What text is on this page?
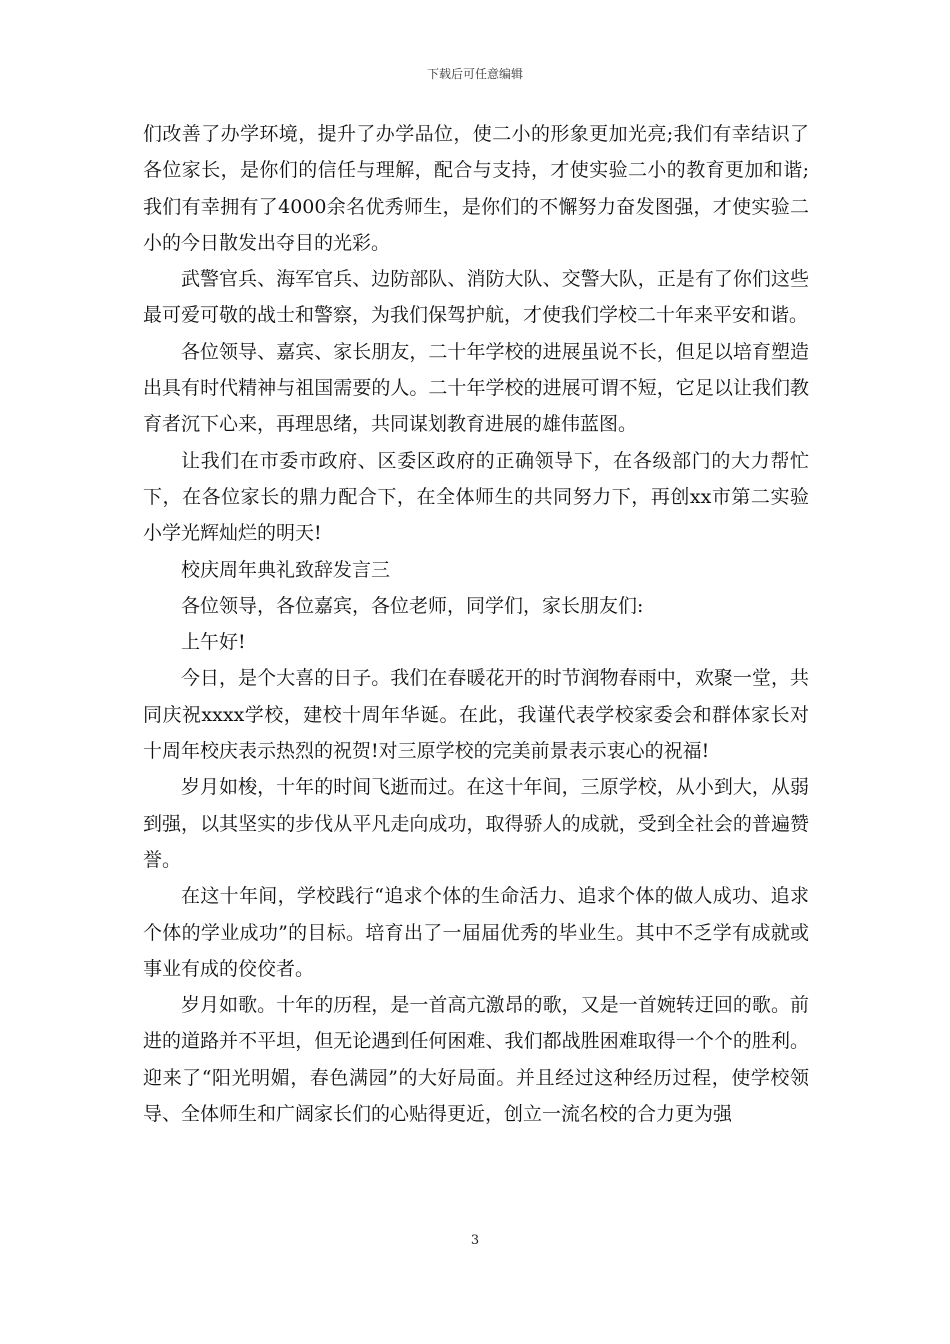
下载后可任意编辑

们改善了办学环境，提升了办学品位，使二小的形象更加光亮;我们有幸结识了各位家长，是你们的信任与理解，配合与支持，才使实验二小的教育更加和谐;我们有幸拥有了4000余名优秀师生，是你们的不懈努力奋发图强，才使实验二小的今日散发出夺目的光彩。

武警官兵、海军官兵、边防部队、消防大队、交警大队，正是有了你们这些最可爱可敬的战士和警察，为我们保驾护航，才使我们学校二十年来平安和谐。

各位领导、嘉宾、家长朋友，二十年学校的进展虽说不长，但足以培育塑造出具有时代精神与祖国需要的人。二十年学校的进展可谓不短，它足以让我们教育者沉下心来，再理思绪，共同谋划教育进展的雄伟蓝图。

让我们在市委市政府、区委区政府的正确领导下，在各级部门的大力帮忙下，在各位家长的鼎力配合下，在全体师生的共同努力下，再创xx市第二实验小学光辉灿烂的明天!

校庆周年典礼致辞发言三

各位领导，各位嘉宾，各位老师，同学们，家长朋友们:

上午好!

今日，是个大喜的日子。我们在春暖花开的时节润物春雨中，欢聚一堂，共同庆祝xxxx学校，建校十周年华诞。在此，我谨代表学校家委会和群体家长对十周年校庆表示热烈的祝贺!对三原学校的完美前景表示衷心的祝福!

岁月如梭，十年的时间飞逝而过。在这十年间，三原学校，从小到大，从弱到强，以其坚实的步伐从平凡走向成功，取得骄人的成就，受到全社会的普遍赞誉。

在这十年间，学校践行“追求个体的生命活力、追求个体的做人成功、追求个体的学业成功”的目标。培育出了一届届优秀的毕业生。其中不乏学有成就或事业有成的佼佼者。

岁月如歌。十年的历程，是一首高亢激昂的歌，又是一首婉转迂回的歌。前进的道路并不平坦，但无论遇到任何困难、我们都战胜困难取得一个个的胜利。迎来了“阳光明媚，春色满园”的大好局面。并且经过这种经历过程，使学校领导、全体师生和广阔家长们的心贴得更近，创立一流名校的合力更为强

3
